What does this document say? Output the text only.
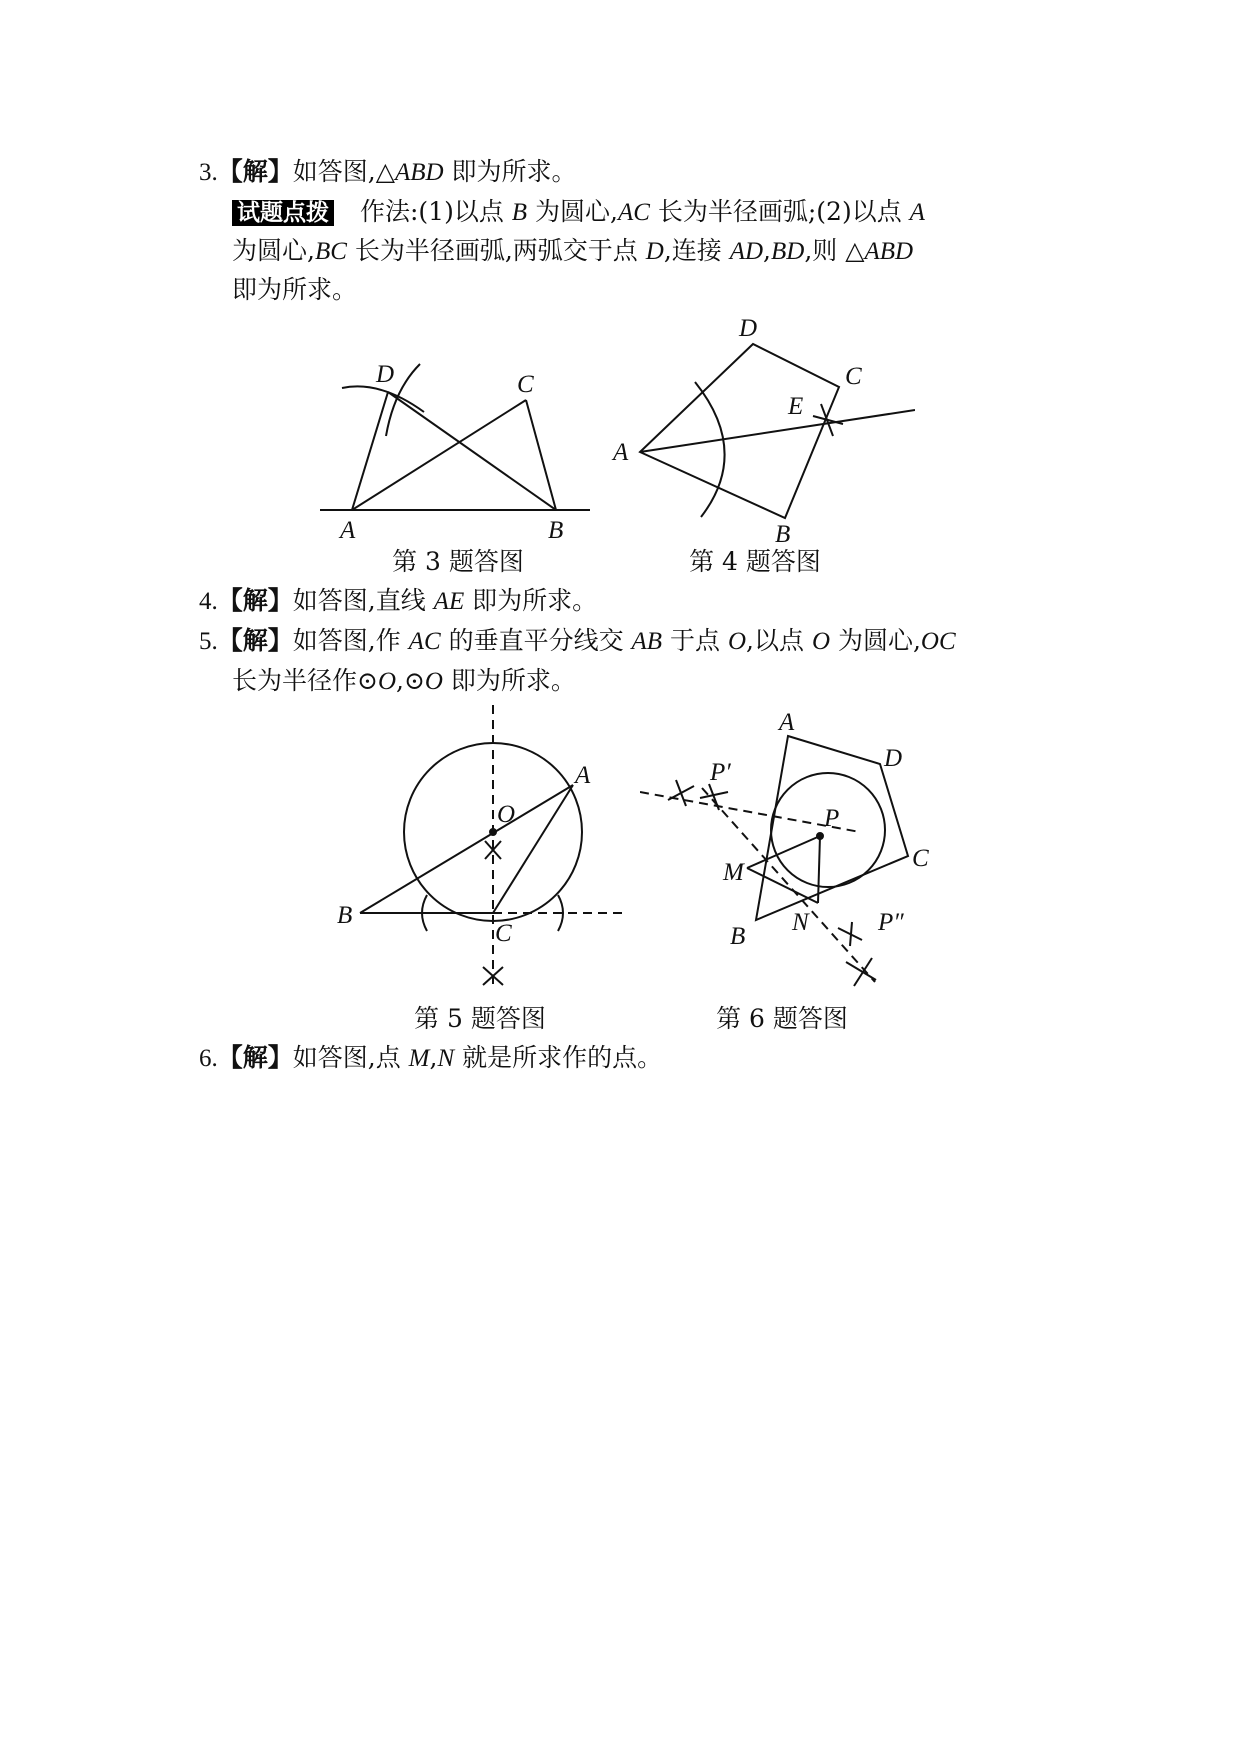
3.【解】如答图,△ABD 即为所求。
试题点拨 作法:(1)以点 B 为圆心,AC 长为半径画弧;(2)以点 A
为圆心,BC 长为半径画弧,两弧交于点 D,连接 AD,BD,则 △ABD
即为所求。
A	B
C
D
第 3 题答图
A
B
C
D
E
第 4 题答图
4.【解】如答图,直线 AE 即为所求。
5.【解】如答图,作 AC 的垂直平分线交 AB 于点 O,以点 O 为圆心,OC
长为半径作⊙O,⊙O 即为所求。
A
B
C
O
第 5 题答图
A
B
C
D
P
P′
P″
M
N
第 6 题答图
6.【解】如答图,点 M,N 就是所求作的点。
